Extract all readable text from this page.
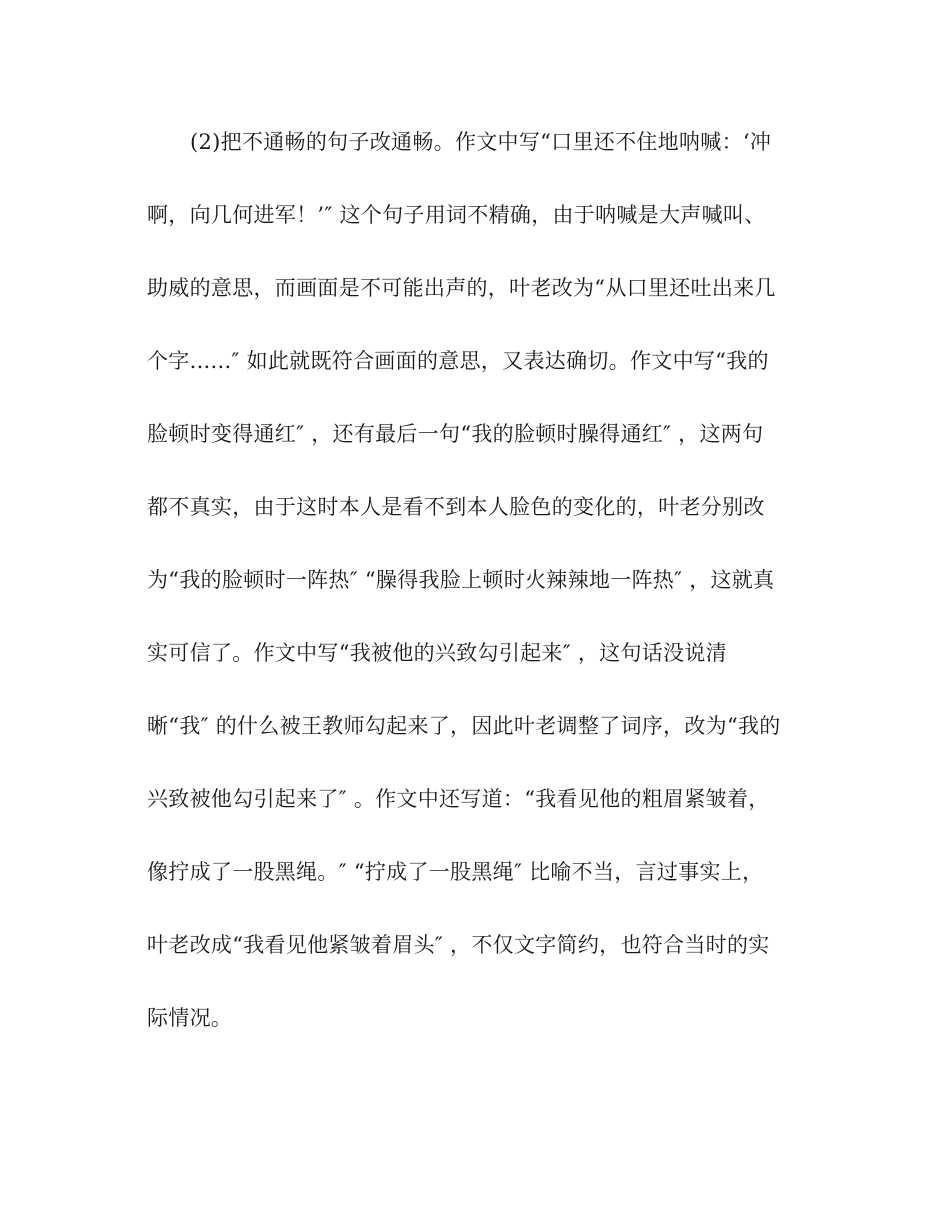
(2)把不通畅的句子改通畅。作文中写“口里还不住地呐喊：‘冲
啊，向几何进军！’″ 这个句子用词不精确，由于呐喊是大声喊叫、
助威的意思，而画面是不可能出声的，叶老改为“从口里还吐出来几
个字......″ 如此就既符合画面的意思，又表达确切。作文中写“我的
脸顿时变得通红″ ，还有最后一句“我的脸顿时臊得通红″ ，这两句
都不真实，由于这时本人是看不到本人脸色的变化的，叶老分别改
为“我的脸顿时一阵热″ “臊得我脸上顿时火辣辣地一阵热″ ，这就真
实可信了。作文中写“我被他的兴致勾引起来″ ，这句话没说清
晰“我″ 的什么被王教师勾起来了，因此叶老调整了词序，改为“我的
兴致被他勾引起来了″ 。作文中还写道：“我看见他的粗眉紧皱着，
像拧成了一股黑绳。″ “拧成了一股黑绳″ 比喻不当，言过事实上，
叶老改成“我看见他紧皱着眉头″ ，不仅文字简约，也符合当时的实
际情况。
